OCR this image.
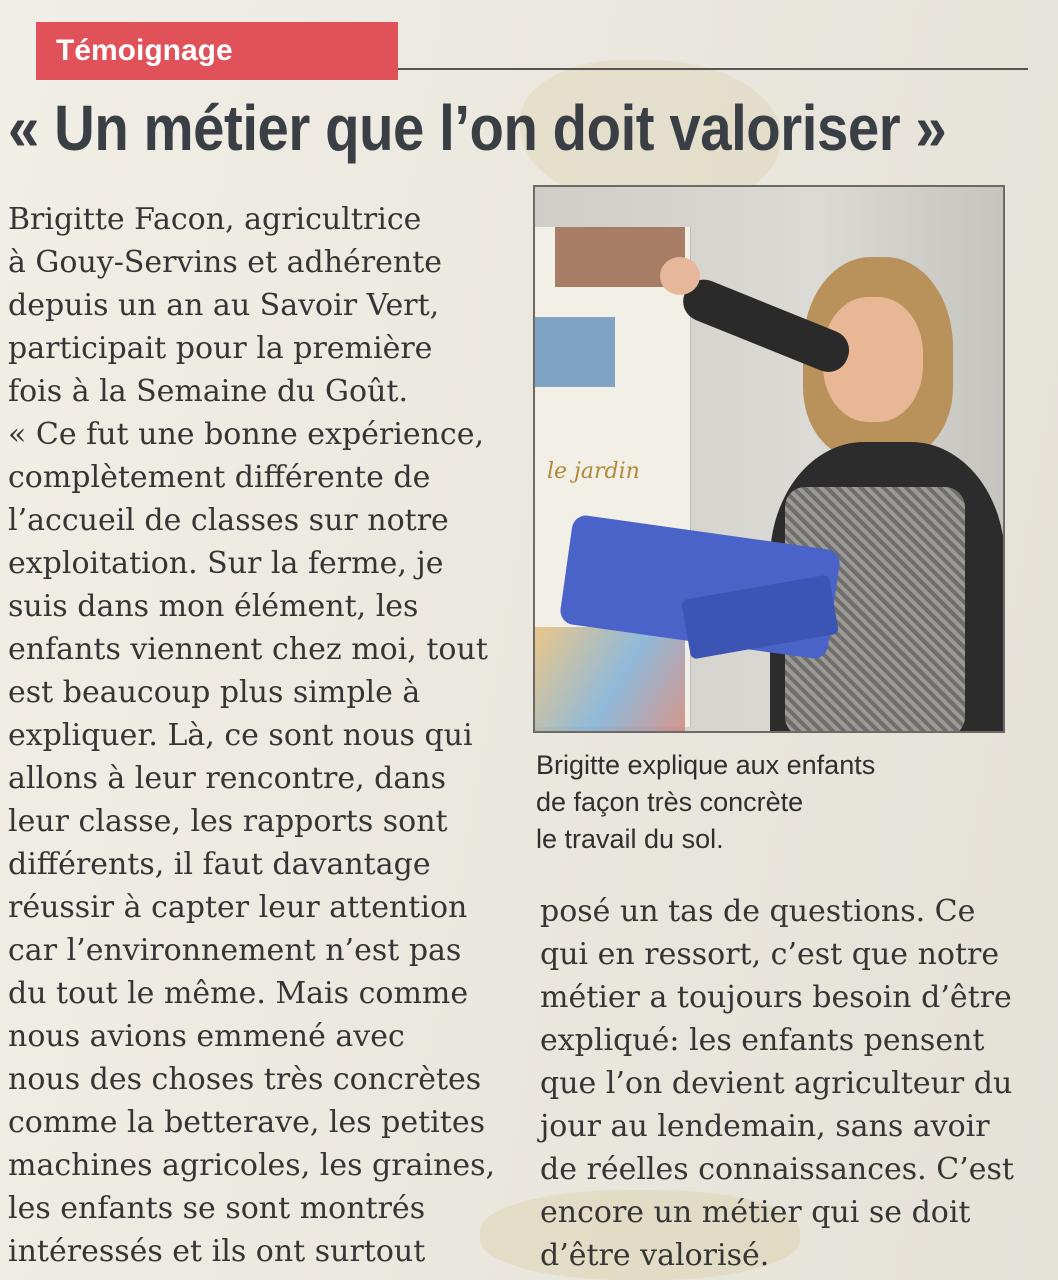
Témoignage
« Un métier que l’on doit valoriser »
Brigitte Facon, agricultrice
à Gouy-Servins et adhérente
depuis un an au Savoir Vert,
participait pour la première
fois à la Semaine du Goût.
« Ce fut une bonne expérience,
complètement différente de
l’accueil de classes sur notre
exploitation. Sur la ferme, je
suis dans mon élément, les
enfants viennent chez moi, tout
est beaucoup plus simple à
expliquer. Là, ce sont nous qui
allons à leur rencontre, dans
leur classe, les rapports sont
différents, il faut davantage
réussir à capter leur attention
car l’environnement n’est pas
du tout le même. Mais comme
nous avions emmené avec
nous des choses très concrètes
comme la betterave, les petites
machines agricoles, les graines,
les enfants se sont montrés
intéressés et ils ont surtout
le jardin
Brigitte explique aux enfants
de façon très concrète
le travail du sol.
posé un tas de questions. Ce
qui en ressort, c’est que notre
métier a toujours besoin d’être
expliqué: les enfants pensent
que l’on devient agriculteur du
jour au lendemain, sans avoir
de réelles connaissances. C’est
encore un métier qui se doit
d’être valorisé.
